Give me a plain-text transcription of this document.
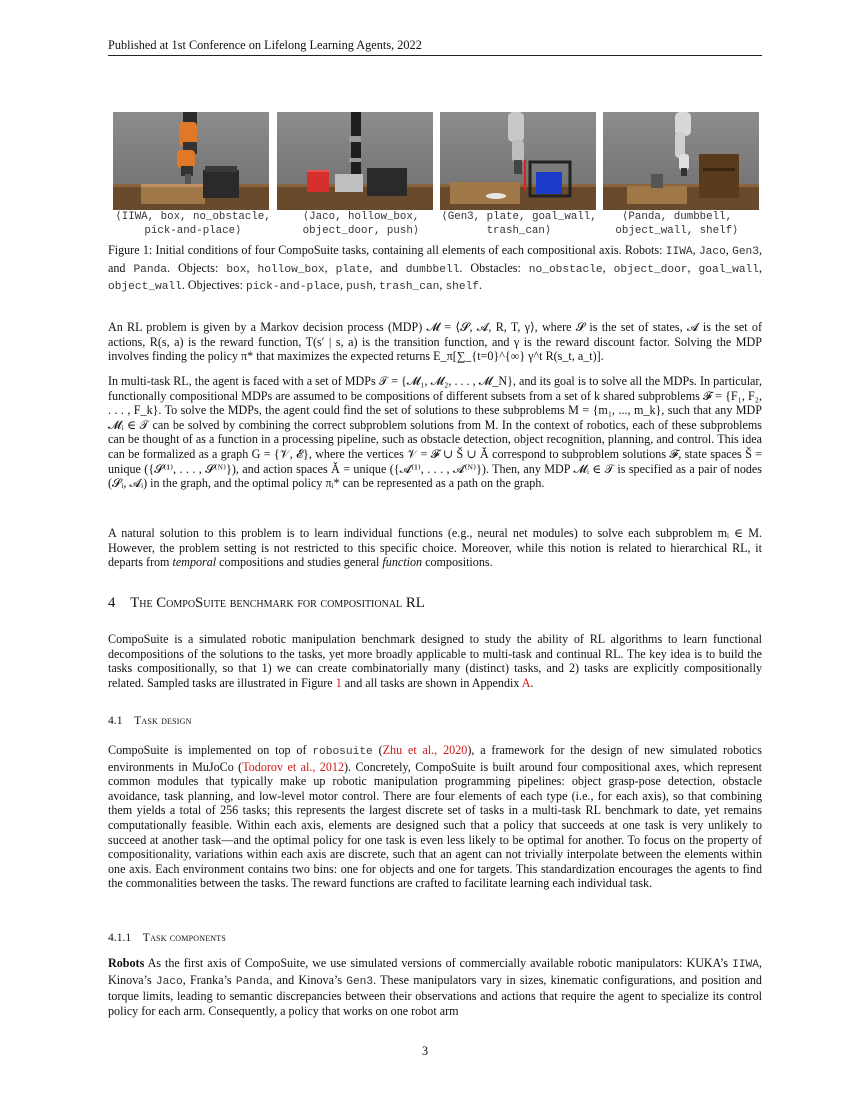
Published at 1st Conference on Lifelong Learning Agents, 2022
⟨IIWA, box, no_obstacle,
pick-and-place⟩
⟨Jaco, hollow_box,
object_door, push⟩
⟨Gen3, plate, goal_wall,
trash_can⟩
⟨Panda, dumbbell,
object_wall, shelf⟩
Figure 1: Initial conditions of four CompoSuite tasks, containing all elements of each compositional axis. Robots: IIWA, Jaco, Gen3, and Panda. Objects: box, hollow_box, plate, and dumbbell. Obstacles: no_obstacle, object_door, goal_wall, object_wall. Objectives: pick-and-place, push, trash_can, shelf.
An RL problem is given by a Markov decision process (MDP) 𝓜 = ⟨𝓢, 𝓐, R, T, γ⟩, where 𝓢 is the set of states, 𝓐 is the set of actions, R(s, a) is the reward function, T(s′ | s, a) is the transition function, and γ is the reward discount factor. Solving the MDP involves finding the policy π* that maximizes the expected returns E_π[∑_{t=0}^{∞} γ^t R(s_t, a_t)].
In multi-task RL, the agent is faced with a set of MDPs 𝒯 = {𝓜₁, 𝓜₂, . . . , 𝓜_N}, and its goal is to solve all the MDPs. In particular, functionally compositional MDPs are assumed to be compositions of different subsets from a set of k shared subproblems 𝓕 = {F₁, F₂, . . . , F_k}. To solve the MDPs, the agent could find the set of solutions to these subproblems M = {m₁, ..., m_k}, such that any MDP 𝓜ᵢ ∈ 𝒯 can be solved by combining the correct subproblem solutions from M. In the context of robotics, each of these subproblems can be thought of as a function in a processing pipeline, such as obstacle detection, object recognition, planning, and control. This idea can be formalized as a graph G = {𝒱, 𝓔}, where the vertices 𝒱 = 𝓕 ∪ Š ∪ Ǎ correspond to subproblem solutions 𝓕, state spaces Š = unique ({𝓢⁽¹⁾, . . . , 𝓢⁽ᴺ⁾}), and action spaces Ǎ = unique ({𝓐⁽¹⁾, . . . , 𝓐⁽ᴺ⁾}). Then, any MDP 𝓜ᵢ ∈ 𝒯 is specified as a pair of nodes (𝓢ᵢ, 𝓐ᵢ) in the graph, and the optimal policy πᵢ* can be represented as a path on the graph.
A natural solution to this problem is to learn individual functions (e.g., neural net modules) to solve each subproblem mᵢ ∈ M. However, the problem setting is not restricted to this specific choice. Moreover, while this notion is related to hierarchical RL, it departs from temporal compositions and studies general function compositions.
4 The CompoSuite benchmark for compositional RL
CompoSuite is a simulated robotic manipulation benchmark designed to study the ability of RL algorithms to learn functional decompositions of the solutions to the tasks, yet more broadly applicable to multi-task and continual RL. The key idea is to build the tasks compositionally, so that 1) we can create combinatorially many (distinct) tasks, and 2) tasks are explicitly compositionally related. Sampled tasks are illustrated in Figure 1 and all tasks are shown in Appendix A.
4.1 Task design
CompoSuite is implemented on top of robosuite (Zhu et al., 2020), a framework for the design of new simulated robotics environments in MuJoCo (Todorov et al., 2012). Concretely, CompoSuite is built around four compositional axes, which represent common modules that typically make up robotic manipulation programming pipelines: object grasp-pose detection, obstacle avoidance, task planning, and low-level motor control. There are four elements of each type (i.e., for each axis), so that combining them yields a total of 256 tasks; this represents the largest discrete set of tasks in a multi-task RL benchmark to date, yet remains computationally feasible. Within each axis, elements are designed such that a policy that succeeds at one task is very unlikely to succeed at another task—and the optimal policy for one task is even less likely to be optimal for another. To focus on the property of compositionality, variations within each axis are discrete, such that an agent can not trivially interpolate between the elements within one axis. Each environment contains two bins: one for objects and one for targets. This standardization encourages the agents to find the commonalities between the tasks. The reward functions are crafted to facilitate learning each individual task.
4.1.1 Task components
Robots As the first axis of CompoSuite, we use simulated versions of commercially available robotic manipulators: KUKA’s IIWA, Kinova’s Jaco, Franka’s Panda, and Kinova’s Gen3. These manipulators vary in sizes, kinematic configurations, and position and torque limits, leading to semantic discrepancies between their observations and actions that require the agent to specialize its control policy for each arm. Consequently, a policy that works on one robot arm
3
